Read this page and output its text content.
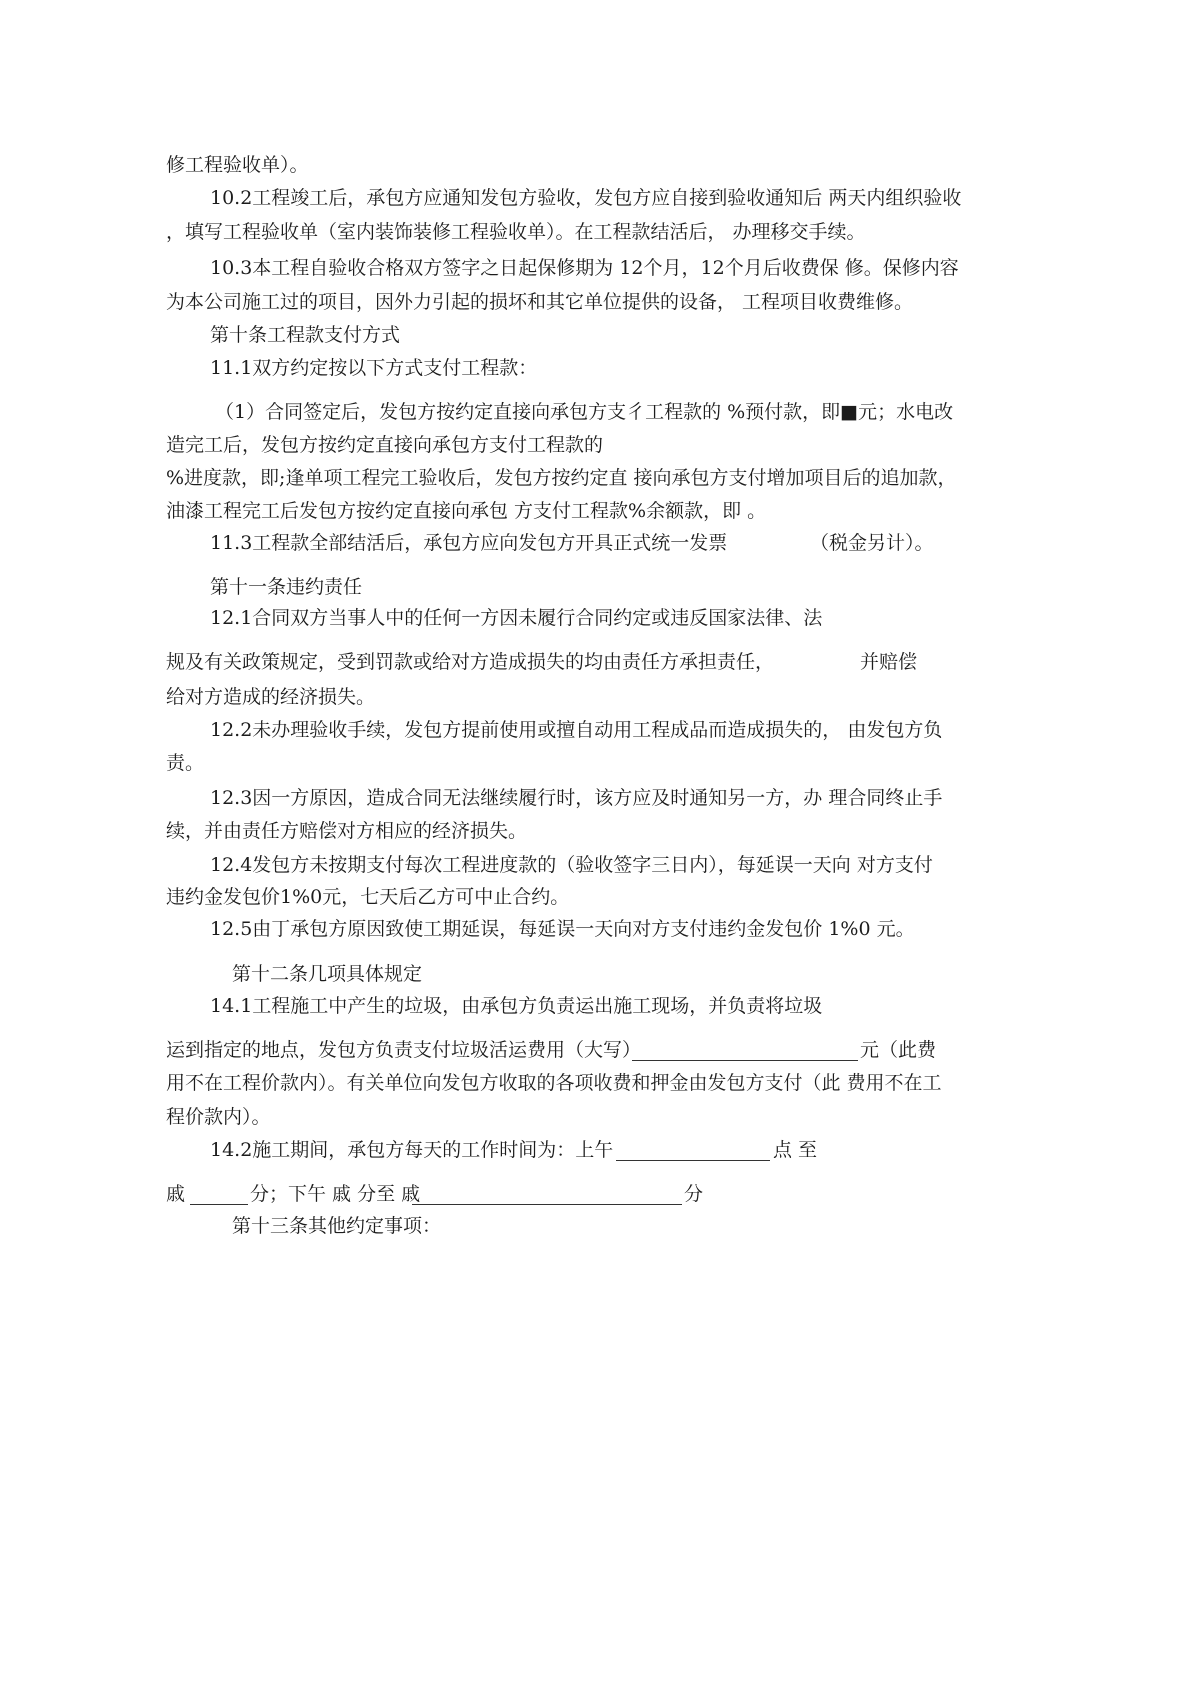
修工程验收单）。
10.2工程竣工后，承包方应通知发包方验收，发包方应自接到验收通知后 两天内组织验收
，填写工程验收单（室内装饰装修工程验收单）。在工程款结活后， 办理移交手续。
10.3本工程自验收合格双方签字之日起保修期为 12个月，12个月后收费保 修。保修内容
为本公司施工过的项目，因外力引起的损坏和其它单位提供的设备， 工程项目收费维修。
第十条工程款支付方式
11.1双方约定按以下方式支付工程款：
（1）合同签定后，发包方按约定直接向承包方支彳工程款的 %预付款，即■元；水电改
造完工后，发包方按约定直接向承包方支付工程款的
%进度款，即;逢单项工程完工验收后，发包方按约定直 接向承包方支付增加项目后的追加款，
油漆工程完工后发包方按约定直接向承包 方支付工程款%余额款，即 。
11.3工程款全部结活后，承包方应向发包方开具正式统一发票	（税金另计）。
第十一条违约责任
12.1合同双方当事人中的任何一方因未履行合同约定或违反国家法律、法
规及有关政策规定，受到罚款或给对方造成损失的均由责任方承担责任，	并赔偿
给对方造成的经济损失。
12.2未办理验收手续，发包方提前使用或擅自动用工程成品而造成损失的， 由发包方负
责。
12.3因一方原因，造成合同无法继续履行时，该方应及时通知另一方，办 理合同终止手
续，并由责任方赔偿对方相应的经济损失。
12.4发包方未按期支付每次工程进度款的（验收签字三日内），每延误一天向 对方支付
违约金发包价1%0元，七天后乙方可中止合约。
12.5由丁承包方原因致使工期延误，每延误一天向对方支付违约金发包价 1%0 元。
第十二条几项具体规定
14.1工程施工中产生的垃圾，由承包方负责运出施工现场，并负责将垃圾
运到指定的地点，发包方负责支付垃圾活运费用（大写）	元（此费
用不在工程价款内）。有关单位向发包方收取的各项收费和押金由发包方支付（此 费用不在工
程价款内）。
14.2施工期间，承包方每天的工作时间为：上午	点 至
戚	分；下午 戚 分至 戚	分
第十三条其他约定事项：
